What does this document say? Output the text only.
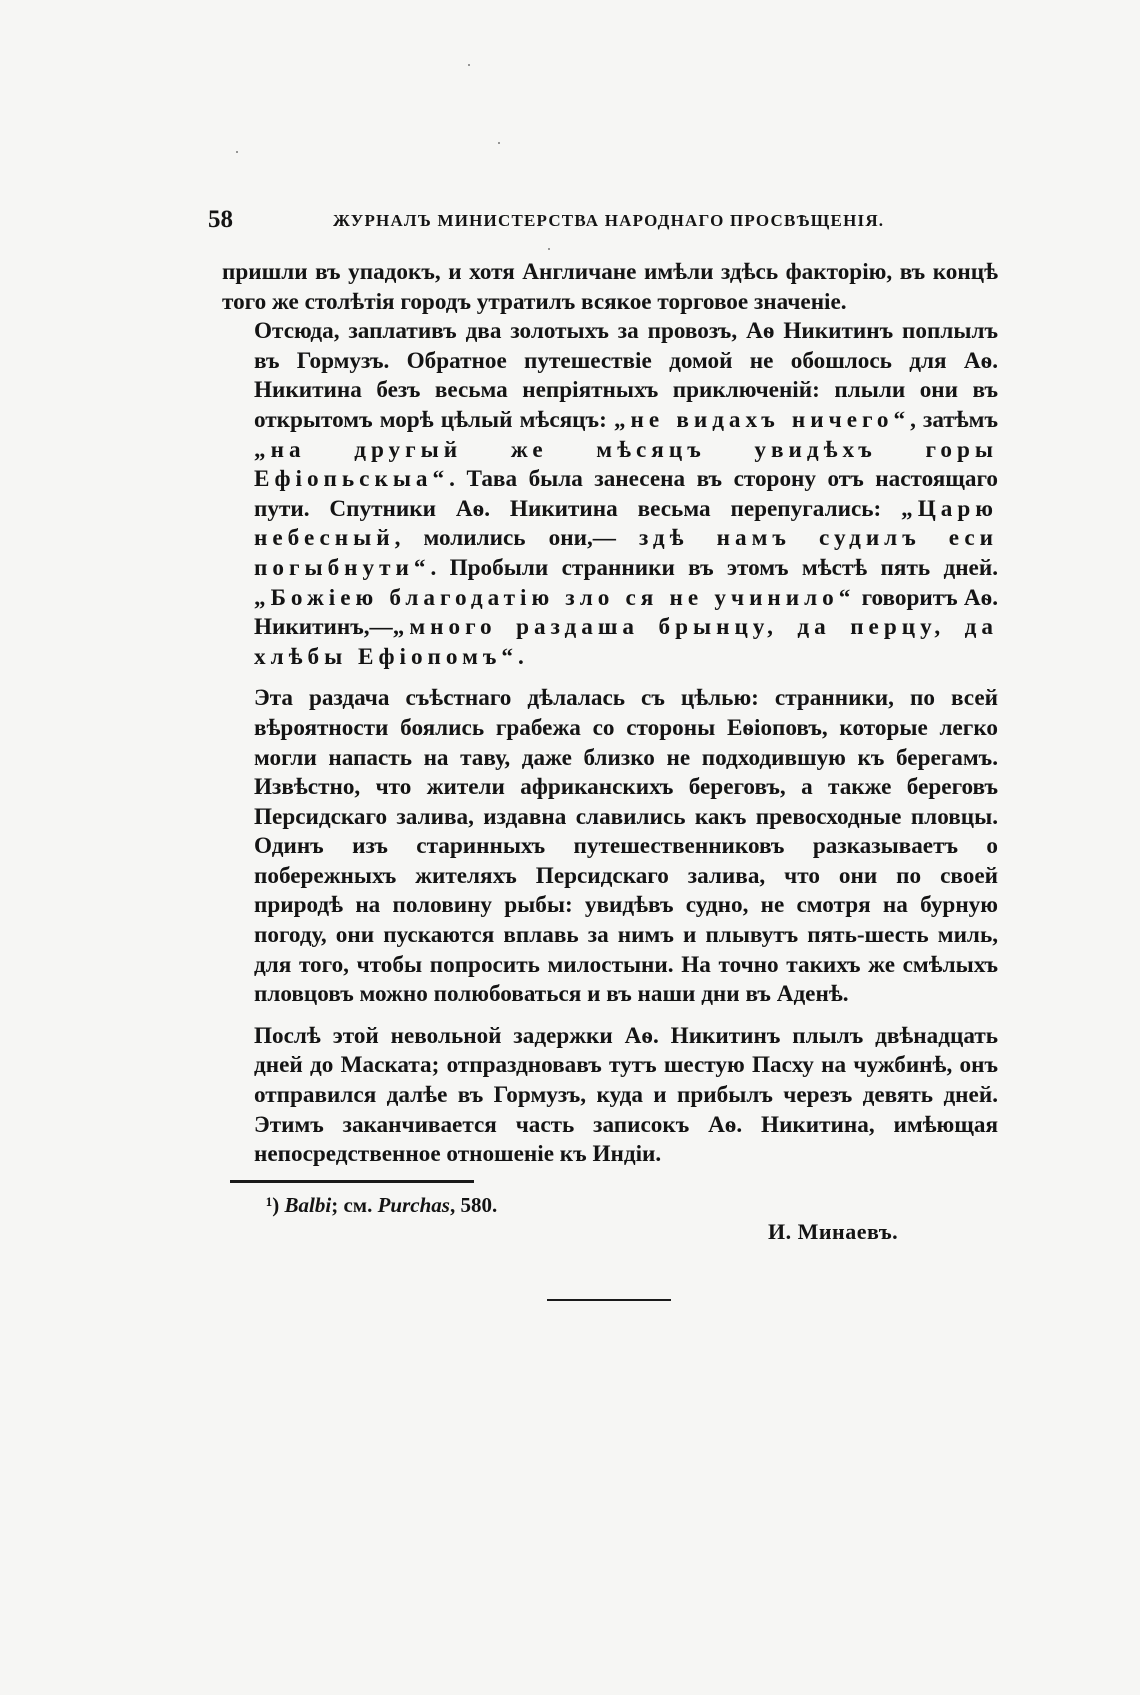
58	ЖУРНАЛЪ МИНИСТЕРСТВА НАРОДНАГО ПРОСВѢЩЕНІЯ.

пришли въ упадокъ, и хотя Англичане имѣли здѣсь факторію, въ концѣ того же столѣтія городъ утратилъ всякое торговое значеніе.

Отсюда, заплативъ два золотыхъ за провозъ, Аѳ Никитинъ поплылъ въ Гормузъ. Обратное путешествіе домой не обошлось для Аѳ. Никитина безъ весьма непріятныхъ приключеній: плыли они въ открытомъ морѣ цѣлый мѣсяцъ: „не видахъ ничего“, затѣмъ „на другый же мѣсяцъ увидѣхъ горы Ефіопьскыа“. Тава была занесена въ сторону отъ настоящаго пути. Спутники Аѳ. Никитина весьма перепугались: „Царю небесный, молились они,— здѣ намъ судилъ еси погыбнути“. Пробыли странники въ этомъ мѣстѣ пять дней. „Божіею благодатію зло ся не учинило“ говоритъ Аѳ. Никитинъ,—„много раздаша брынцу, да перцу, да хлѣбы Ефіопомъ“.

Эта раздача съѣстнаго дѣлалась съ цѣлью: странники, по всей вѣроятности боялись грабежа со стороны Еѳіоповъ, которые легко могли напасть на таву, даже близко не подходившую къ берегамъ. Извѣстно, что жители африканскихъ береговъ, а также береговъ Персидскаго залива, издавна славились какъ превосходные пловцы. Одинъ изъ старинныхъ путешественниковъ разказываетъ о побережныхъ жителяхъ Персидскаго залива, что они по своей природѣ на половину рыбы: увидѣвъ судно, не смотря на бурную погоду, они пускаются вплавь за нимъ и плывутъ пять-шесть миль, для того, чтобы попросить милостыни. На точно такихъ же смѣлыхъ пловцовъ можно полюбоваться и въ наши дни въ Аденѣ.

Послѣ этой невольной задержки Аѳ. Никитинъ плылъ двѣнадцать дней до Маската; отпраздновавъ тутъ шестую Пасху на чужбинѣ, онъ отправился далѣе въ Гормузъ, куда и прибылъ черезъ девять дней. Этимъ заканчивается часть записокъ Аѳ. Никитина, имѣющая непосредственное отношеніе къ Индіи.

¹) Balbi; см. Purchas, 580.
И. Минаевъ.
